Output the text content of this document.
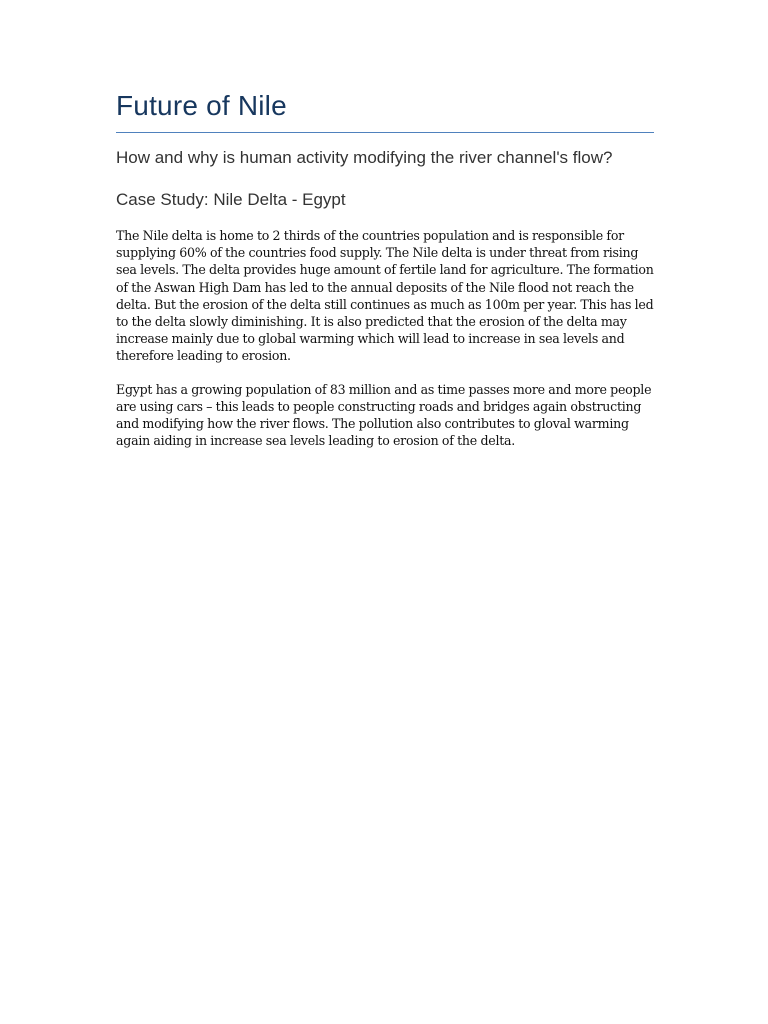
Future of Nile

How and why is human activity modifying the river channel's flow?

Case Study: Nile Delta - Egypt

The Nile delta is home to 2 thirds of the countries population and is responsible for supplying 60% of the countries food supply. The Nile delta is under threat from rising sea levels. The delta provides huge amount of fertile land for agriculture. The formation of the Aswan High Dam has led to the annual deposits of the Nile flood not reach the delta. But the erosion of the delta still continues as much as 100m per year. This has led to the delta slowly diminishing. It is also predicted that the erosion of the delta may increase mainly due to global warming which will lead to increase in sea levels and therefore leading to erosion.

Egypt has a growing population of 83 million and as time passes more and more people are using cars – this leads to people constructing roads and bridges again obstructing and modifying how the river flows. The pollution also contributes to gloval warming again aiding in increase sea levels leading to erosion of the delta.
